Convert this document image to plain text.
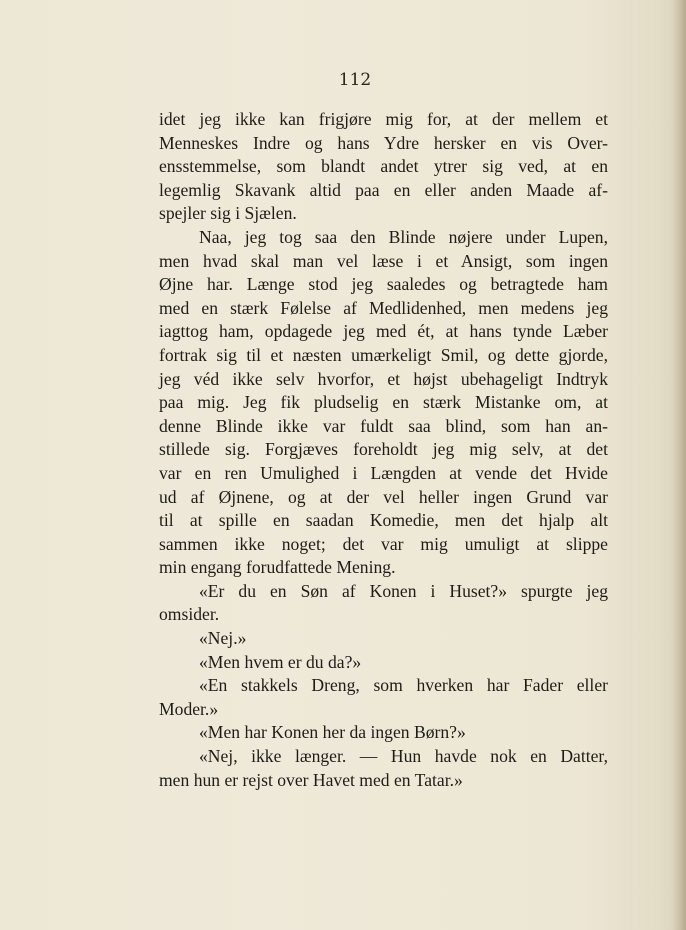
112
idet jeg ikke kan frigjøre mig for, at der mellem et
Menneskes Indre og hans Ydre hersker en vis Over-
ensstemmelse, som blandt andet ytrer sig ved, at en
legemlig Skavank altid paa en eller anden Maade af-
spejler sig i Sjælen.
Naa, jeg tog saa den Blinde nøjere under Lupen,
men hvad skal man vel læse i et Ansigt, som ingen
Øjne har. Længe stod jeg saaledes og betragtede ham
med en stærk Følelse af Medlidenhed, men medens jeg
iagttog ham, opdagede jeg med ét, at hans tynde Læber
fortrak sig til et næsten umærkeligt Smil, og dette gjorde,
jeg véd ikke selv hvorfor, et højst ubehageligt Indtryk
paa mig. Jeg fik pludselig en stærk Mistanke om, at
denne Blinde ikke var fuldt saa blind, som han an-
stillede sig. Forgjæves foreholdt jeg mig selv, at det
var en ren Umulighed i Længden at vende det Hvide
ud af Øjnene, og at der vel heller ingen Grund var
til at spille en saadan Komedie, men det hjalp alt
sammen ikke noget; det var mig umuligt at slippe
min engang forudfattede Mening.
«Er du en Søn af Konen i Huset?» spurgte jeg
omsider.
«Nej.»
«Men hvem er du da?»
«En stakkels Dreng, som hverken har Fader eller
Moder.»
«Men har Konen her da ingen Børn?»
«Nej, ikke længer. — Hun havde nok en Datter,
men hun er rejst over Havet med en Tatar.»
